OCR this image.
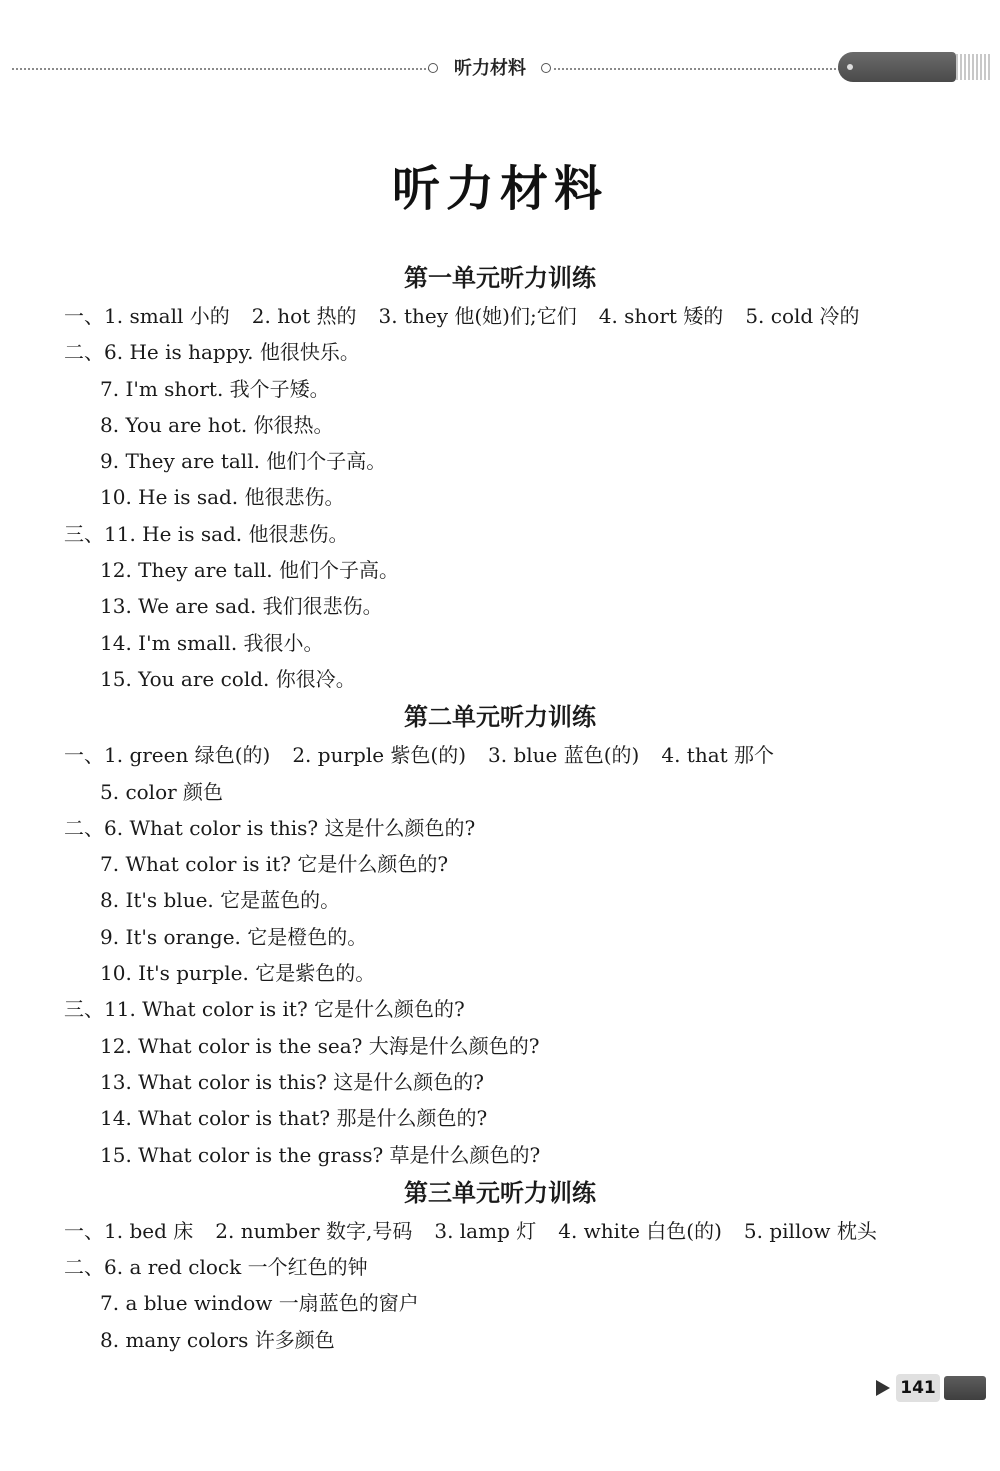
听力材料
听力材料
第一单元听力训练
一、1. small 小的 2. hot 热的 3. they 他(她)们;它们 4. short 矮的 5. cold 冷的
二、6. He is happy. 他很快乐。
7. I'm short. 我个子矮。
8. You are hot. 你很热。
9. They are tall. 他们个子高。
10. He is sad. 他很悲伤。
三、11. He is sad. 他很悲伤。
12. They are tall. 他们个子高。
13. We are sad. 我们很悲伤。
14. I'm small. 我很小。
15. You are cold. 你很冷。
第二单元听力训练
一、1. green 绿色(的) 2. purple 紫色(的) 3. blue 蓝色(的) 4. that 那个
5. color 颜色
二、6. What color is this? 这是什么颜色的?
7. What color is it? 它是什么颜色的?
8. It's blue. 它是蓝色的。
9. It's orange. 它是橙色的。
10. It's purple. 它是紫色的。
三、11. What color is it? 它是什么颜色的?
12. What color is the sea? 大海是什么颜色的?
13. What color is this? 这是什么颜色的?
14. What color is that? 那是什么颜色的?
15. What color is the grass? 草是什么颜色的?
第三单元听力训练
一、1. bed 床 2. number 数字,号码 3. lamp 灯 4. white 白色(的) 5. pillow 枕头
二、6. a red clock 一个红色的钟
7. a blue window 一扇蓝色的窗户
8. many colors 许多颜色
141
